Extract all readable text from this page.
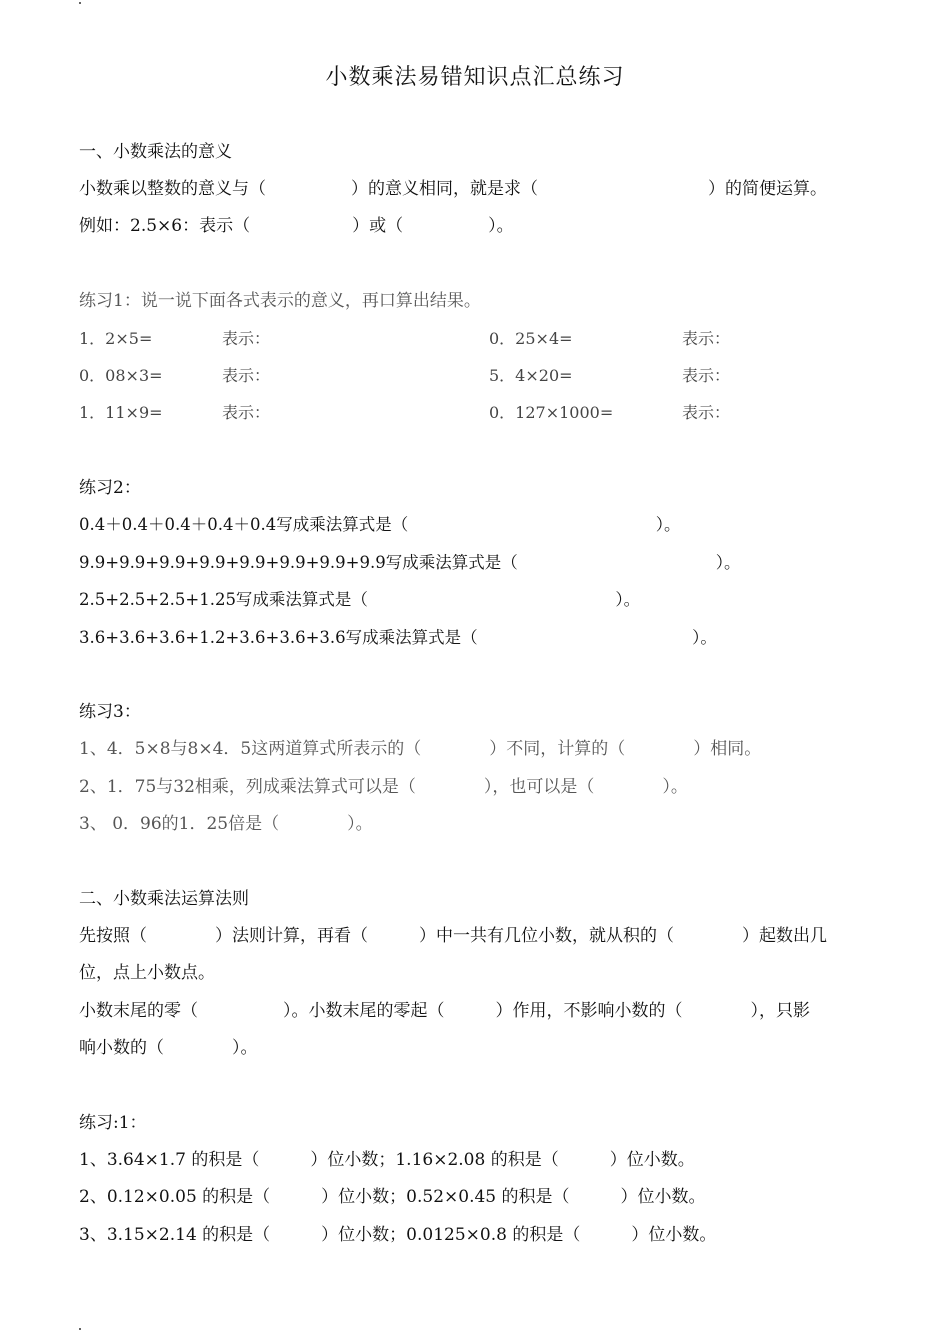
小数乘法易错知识点汇总练习
一、小数乘法的意义
小数乘以整数的意义与（　　　　　）的意义相同，就是求（　　　　　　　　　　）的简便运算。
例如：2.5×6：表示（　　　　　　）或（　　　　　）。
练习1：说一说下面各式表示的意义，再口算出结果。
1．2×5=	表示：	0．25×4=	表示：
0．08×3=	表示：	5．4×20=	表示：
1．11×9=	表示：	0．127×1000=	表示：
练习2：
0.4＋0.4＋0.4＋0.4＋0.4写成乘法算式是（　　　　　　　　　　　　　　　）。
9.9+9.9+9.9+9.9+9.9+9.9+9.9+9.9写成乘法算式是（　　　　　　　　　　　　）。
2.5+2.5+2.5+1.25写成乘法算式是（　　　　　　　　　　　　　　　）。
3.6+3.6+3.6+1.2+3.6+3.6+3.6写成乘法算式是（　　　　　　　　　　　　　）。
练习3：
1、4．5×8与8×4．5这两道算式所表示的（　　　　）不同，计算的（　　　　）相同。
2、1．75与32相乘，列成乘法算式可以是（　　　　），也可以是（　　　　）。
3、 0．96的1．25倍是（　　　　）。
二、小数乘法运算法则
先按照（　　　　）法则计算，再看（　　　）中一共有几位小数，就从积的（　　　　）起数出几
位，点上小数点。
小数末尾的零（　　　　　）。小数末尾的零起（　　　）作用，不影响小数的（　　　　），只影
响小数的（　　　　）。
练习:1：
1、3.64×1.7 的积是（　　　）位小数；1.16×2.08 的积是（　　　）位小数。
2、0.12×0.05 的积是（　　　）位小数；0.52×0.45 的积是（　　　）位小数。
3、3.15×2.14 的积是（　　　）位小数；0.0125×0.8 的积是（　　　）位小数。
